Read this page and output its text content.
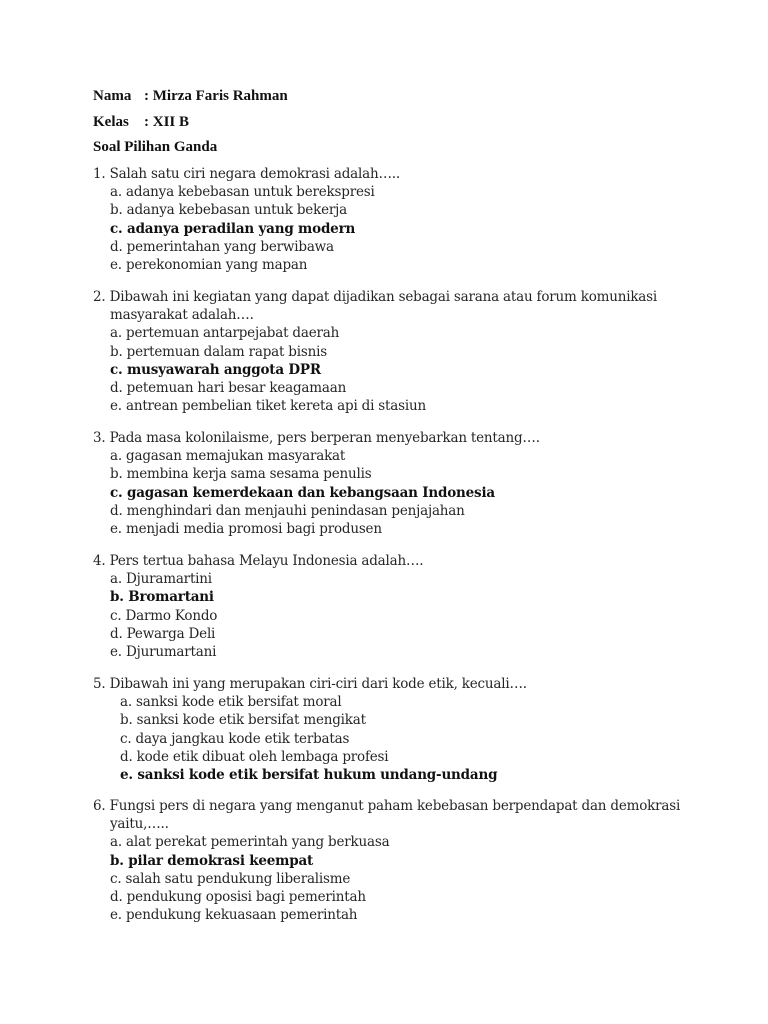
Nama : Mirza Faris Rahman
Kelas : XII B
Soal Pilihan Ganda
1. Salah satu ciri negara demokrasi adalah…..
a. adanya kebebasan untuk berekspresi
b. adanya kebebasan untuk bekerja
c. adanya peradilan yang modern
d. pemerintahan yang berwibawa
e. perekonomian yang mapan
2. Dibawah ini kegiatan yang dapat dijadikan sebagai sarana atau forum komunikasi
masyarakat adalah….
a. pertemuan antarpejabat daerah
b. pertemuan dalam rapat bisnis
c. musyawarah anggota DPR
d. petemuan hari besar keagamaan
e. antrean pembelian tiket kereta api di stasiun
3. Pada masa kolonilaisme, pers berperan menyebarkan tentang….
a. gagasan memajukan masyarakat
b. membina kerja sama sesama penulis
c. gagasan kemerdekaan dan kebangsaan Indonesia
d. menghindari dan menjauhi penindasan penjajahan
e. menjadi media promosi bagi produsen
4. Pers tertua bahasa Melayu Indonesia adalah….
a. Djuramartini
b. Bromartani
c. Darmo Kondo
d. Pewarga Deli
e. Djurumartani
5. Dibawah ini yang merupakan ciri-ciri dari kode etik, kecuali….
a. sanksi kode etik bersifat moral
b. sanksi kode etik bersifat mengikat
c. daya jangkau kode etik terbatas
d. kode etik dibuat oleh lembaga profesi
e. sanksi kode etik bersifat hukum undang-undang
6. Fungsi pers di negara yang menganut paham kebebasan berpendapat dan demokrasi
yaitu,…..
a. alat perekat pemerintah yang berkuasa
b. pilar demokrasi keempat
c. salah satu pendukung liberalisme
d. pendukung oposisi bagi pemerintah
e. pendukung kekuasaan pemerintah
